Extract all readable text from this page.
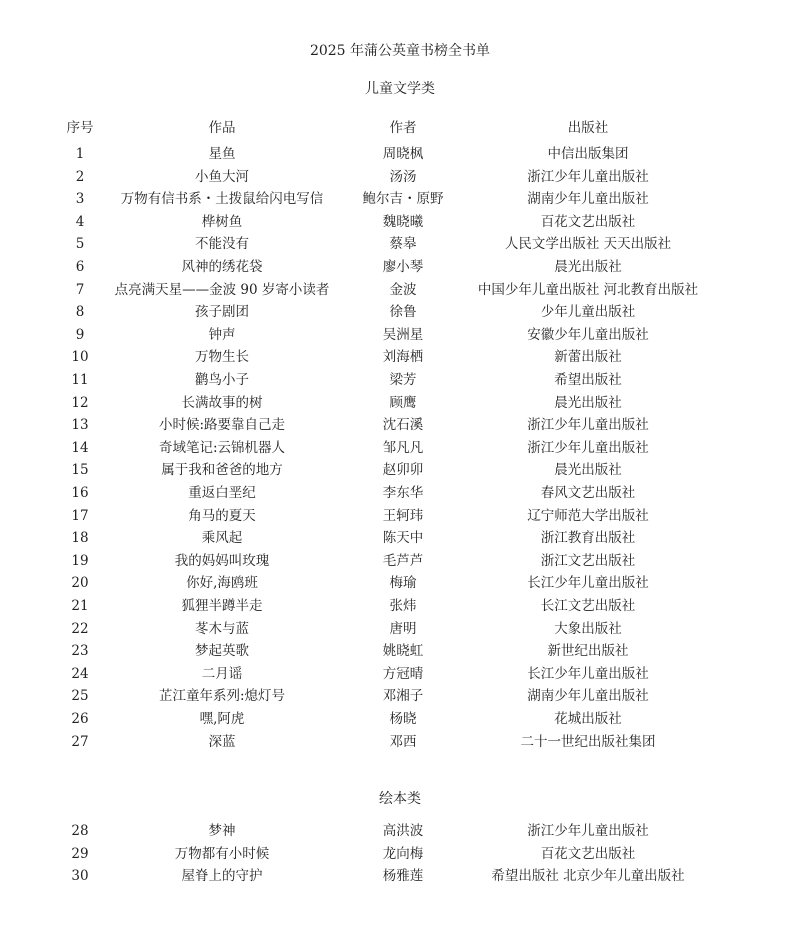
2025 年蒲公英童书榜全书单
儿童文学类
序号	作品	作者	出版社
1	星鱼	周晓枫	中信出版集团
2	小鱼大河	汤汤	浙江少年儿童出版社
3	万物有信书系・土拨鼠给闪电写信	鲍尔吉・原野	湖南少年儿童出版社
4	桦树鱼	魏晓曦	百花文艺出版社
5	不能没有	蔡皋	人民文学出版社 天天出版社
6	风神的绣花袋	廖小琴	晨光出版社
7	点亮满天星——金波 90 岁寄小读者	金波	中国少年儿童出版社 河北教育出版社
8	孩子剧团	徐鲁	少年儿童出版社
9	钟声	吴洲星	安徽少年儿童出版社
10	万物生长	刘海栖	新蕾出版社
11	鹳鸟小子	梁芳	希望出版社
12	长满故事的树	顾鹰	晨光出版社
13	小时候:路要靠自己走	沈石溪	浙江少年儿童出版社
14	奇域笔记:云锦机器人	邹凡凡	浙江少年儿童出版社
15	属于我和爸爸的地方	赵卯卯	晨光出版社
16	重返白垩纪	李东华	春风文艺出版社
17	角马的夏天	王轲玮	辽宁师范大学出版社
18	乘风起	陈天中	浙江教育出版社
19	我的妈妈叫玫瑰	毛芦芦	浙江文艺出版社
20	你好,海鸥班	梅瑜	长江少年儿童出版社
21	狐狸半蹲半走	张炜	长江文艺出版社
22	苳木与蓝	唐明	大象出版社
23	梦起英歌	姚晓虹	新世纪出版社
24	二月谣	方冠晴	长江少年儿童出版社
25	芷江童年系列:熄灯号	邓湘子	湖南少年儿童出版社
26	嘿,阿虎	杨晓	花城出版社
27	深蓝	邓西	二十一世纪出版社集团
绘本类
28	梦神	高洪波	浙江少年儿童出版社
29	万物都有小时候	龙向梅	百花文艺出版社
30	屋脊上的守护	杨雅莲	希望出版社 北京少年儿童出版社
